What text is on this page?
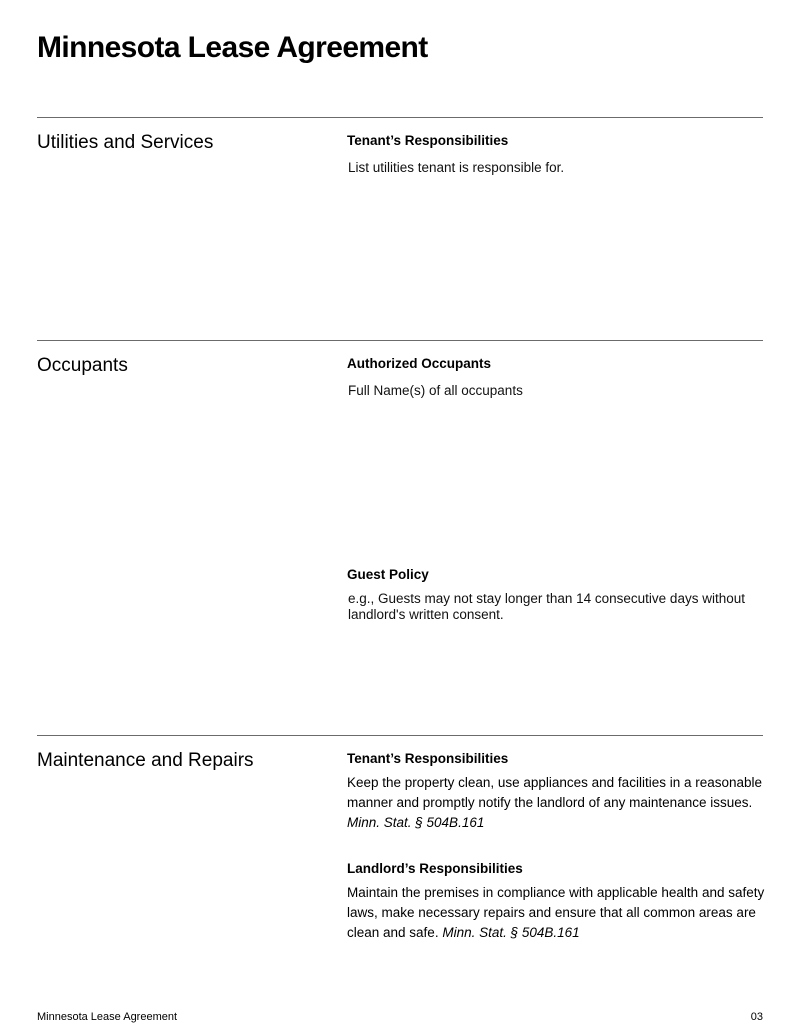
Minnesota Lease Agreement
Utilities and Services	Tenant’s Responsibilities
List utilities tenant is responsible for.
Occupants	Authorized Occupants
Full Name(s) of all occupants
Guest Policy
e.g., Guests may not stay longer than 14 consecutive days without landlord's written consent.
Maintenance and Repairs	Tenant’s Responsibilities

Keep the property clean, use appliances and facilities in a reasonable manner and promptly notify the landlord of any maintenance issues.
Minn. Stat. § 504B.161

Landlord’s Responsibilities

Maintain the premises in compliance with applicable health and safety laws, make necessary repairs and ensure that all common areas are clean and safe. Minn. Stat. § 504B.161

Minnesota Lease Agreement	03
